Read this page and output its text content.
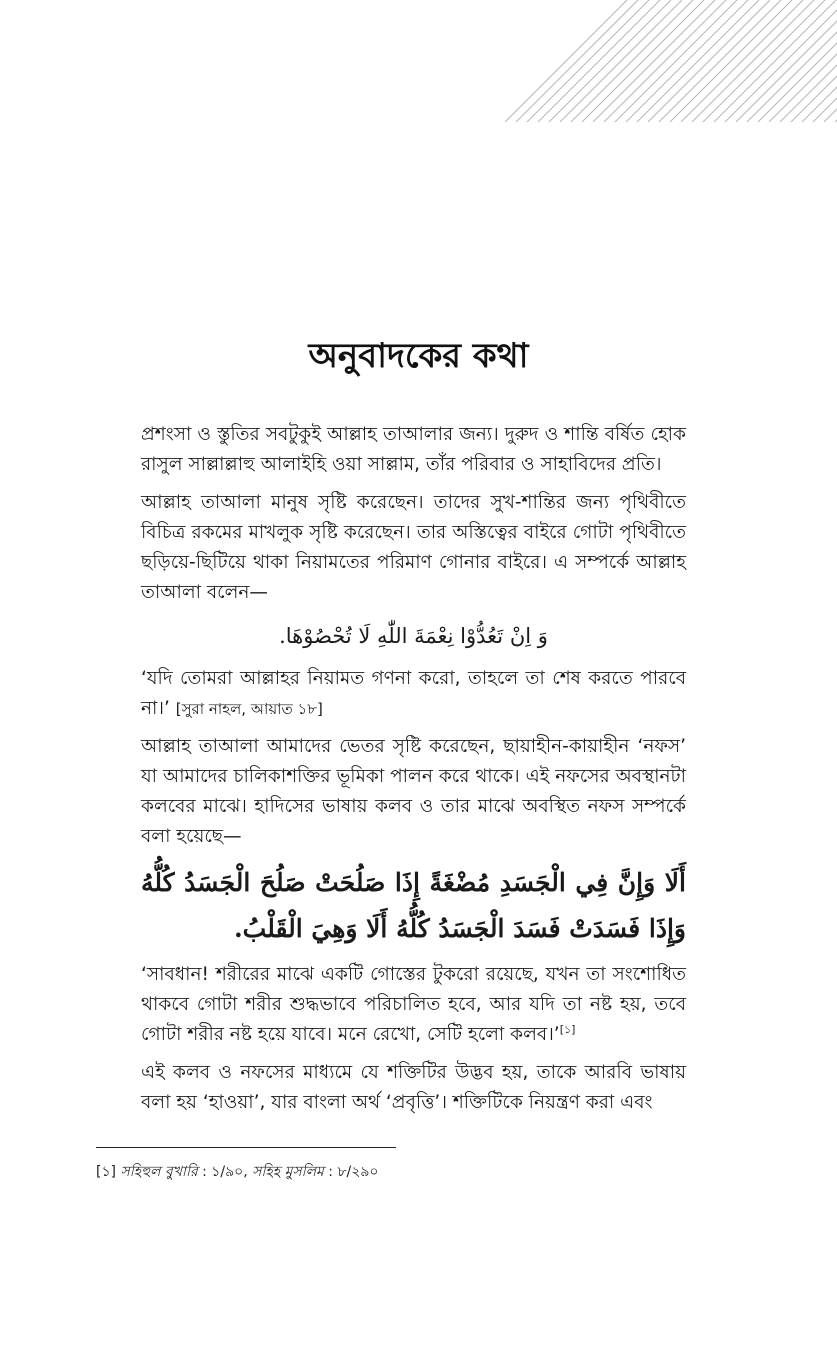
অনুবাদকের কথা

প্রশংসা ও স্তুতির সবটুকুই আল্লাহ তাআলার জন্য। দুরুদ ও শান্তি বর্ষিত হোক রাসুল সাল্লাল্লাহু আলাইহি ওয়া সাল্লাম, তাঁর পরিবার ও সাহাবিদের প্রতি।

আল্লাহ তাআলা মানুষ সৃষ্টি করেছেন। তাদের সুখ-শান্তির জন্য পৃথিবীতে বিচিত্র রকমের মাখলুক সৃষ্টি করেছেন। তার অস্তিত্বের বাইরে গোটা পৃথিবীতে ছড়িয়ে-ছিটিয়ে থাকা নিয়ামতের পরিমাণ গোনার বাইরে। এ সম্পর্কে আল্লাহ তাআলা বলেন—

وَ اِنْ تَعُدُّوْا نِعْمَةَ اللّٰهِ لَا تُحْصُوْهَا.

‘যদি তোমরা আল্লাহর নিয়ামত গণনা করো, তাহলে তা শেষ করতে পারবে না।’ [সুরা নাহল, আয়াত ১৮]

আল্লাহ তাআলা আমাদের ভেতর সৃষ্টি করেছেন, ছায়াহীন-কায়াহীন ‘নফস’ যা আমাদের চালিকাশক্তির ভূমিকা পালন করে থাকে। এই নফসের অবস্থানটা কলবের মাঝে। হাদিসের ভাষায় কলব ও তার মাঝে অবস্থিত নফস সম্পর্কে বলা হয়েছে—

أَلَا وَإِنَّ فِي الْجَسَدِ مُضْغَةً إِذَا صَلُحَتْ صَلُحَ الْجَسَدُ كُلُّهُ وَإِذَا فَسَدَتْ فَسَدَ الْجَسَدُ كُلُّهُ أَلَا وَهِيَ الْقَلْبُ.

‘সাবধান! শরীরের মাঝে একটি গোস্তের টুকরো রয়েছে, যখন তা সংশোধিত থাকবে গোটা শরীর শুদ্ধভাবে পরিচালিত হবে, আর যদি তা নষ্ট হয়, তবে গোটা শরীর নষ্ট হয়ে যাবে। মনে রেখো, সেটি হলো কলব।’[১]

এই কলব ও নফসের মাধ্যমে যে শক্তিটির উদ্ভব হয়, তাকে আরবি ভাষায় বলা হয় ‘হাওয়া’, যার বাংলা অর্থ ‘প্রবৃত্তি’। শক্তিটিকে নিয়ন্ত্রণ করা এবং

[১] সহিহুল বুখারি : ১/৯০, সহিহ মুসলিম : ৮/২৯০
